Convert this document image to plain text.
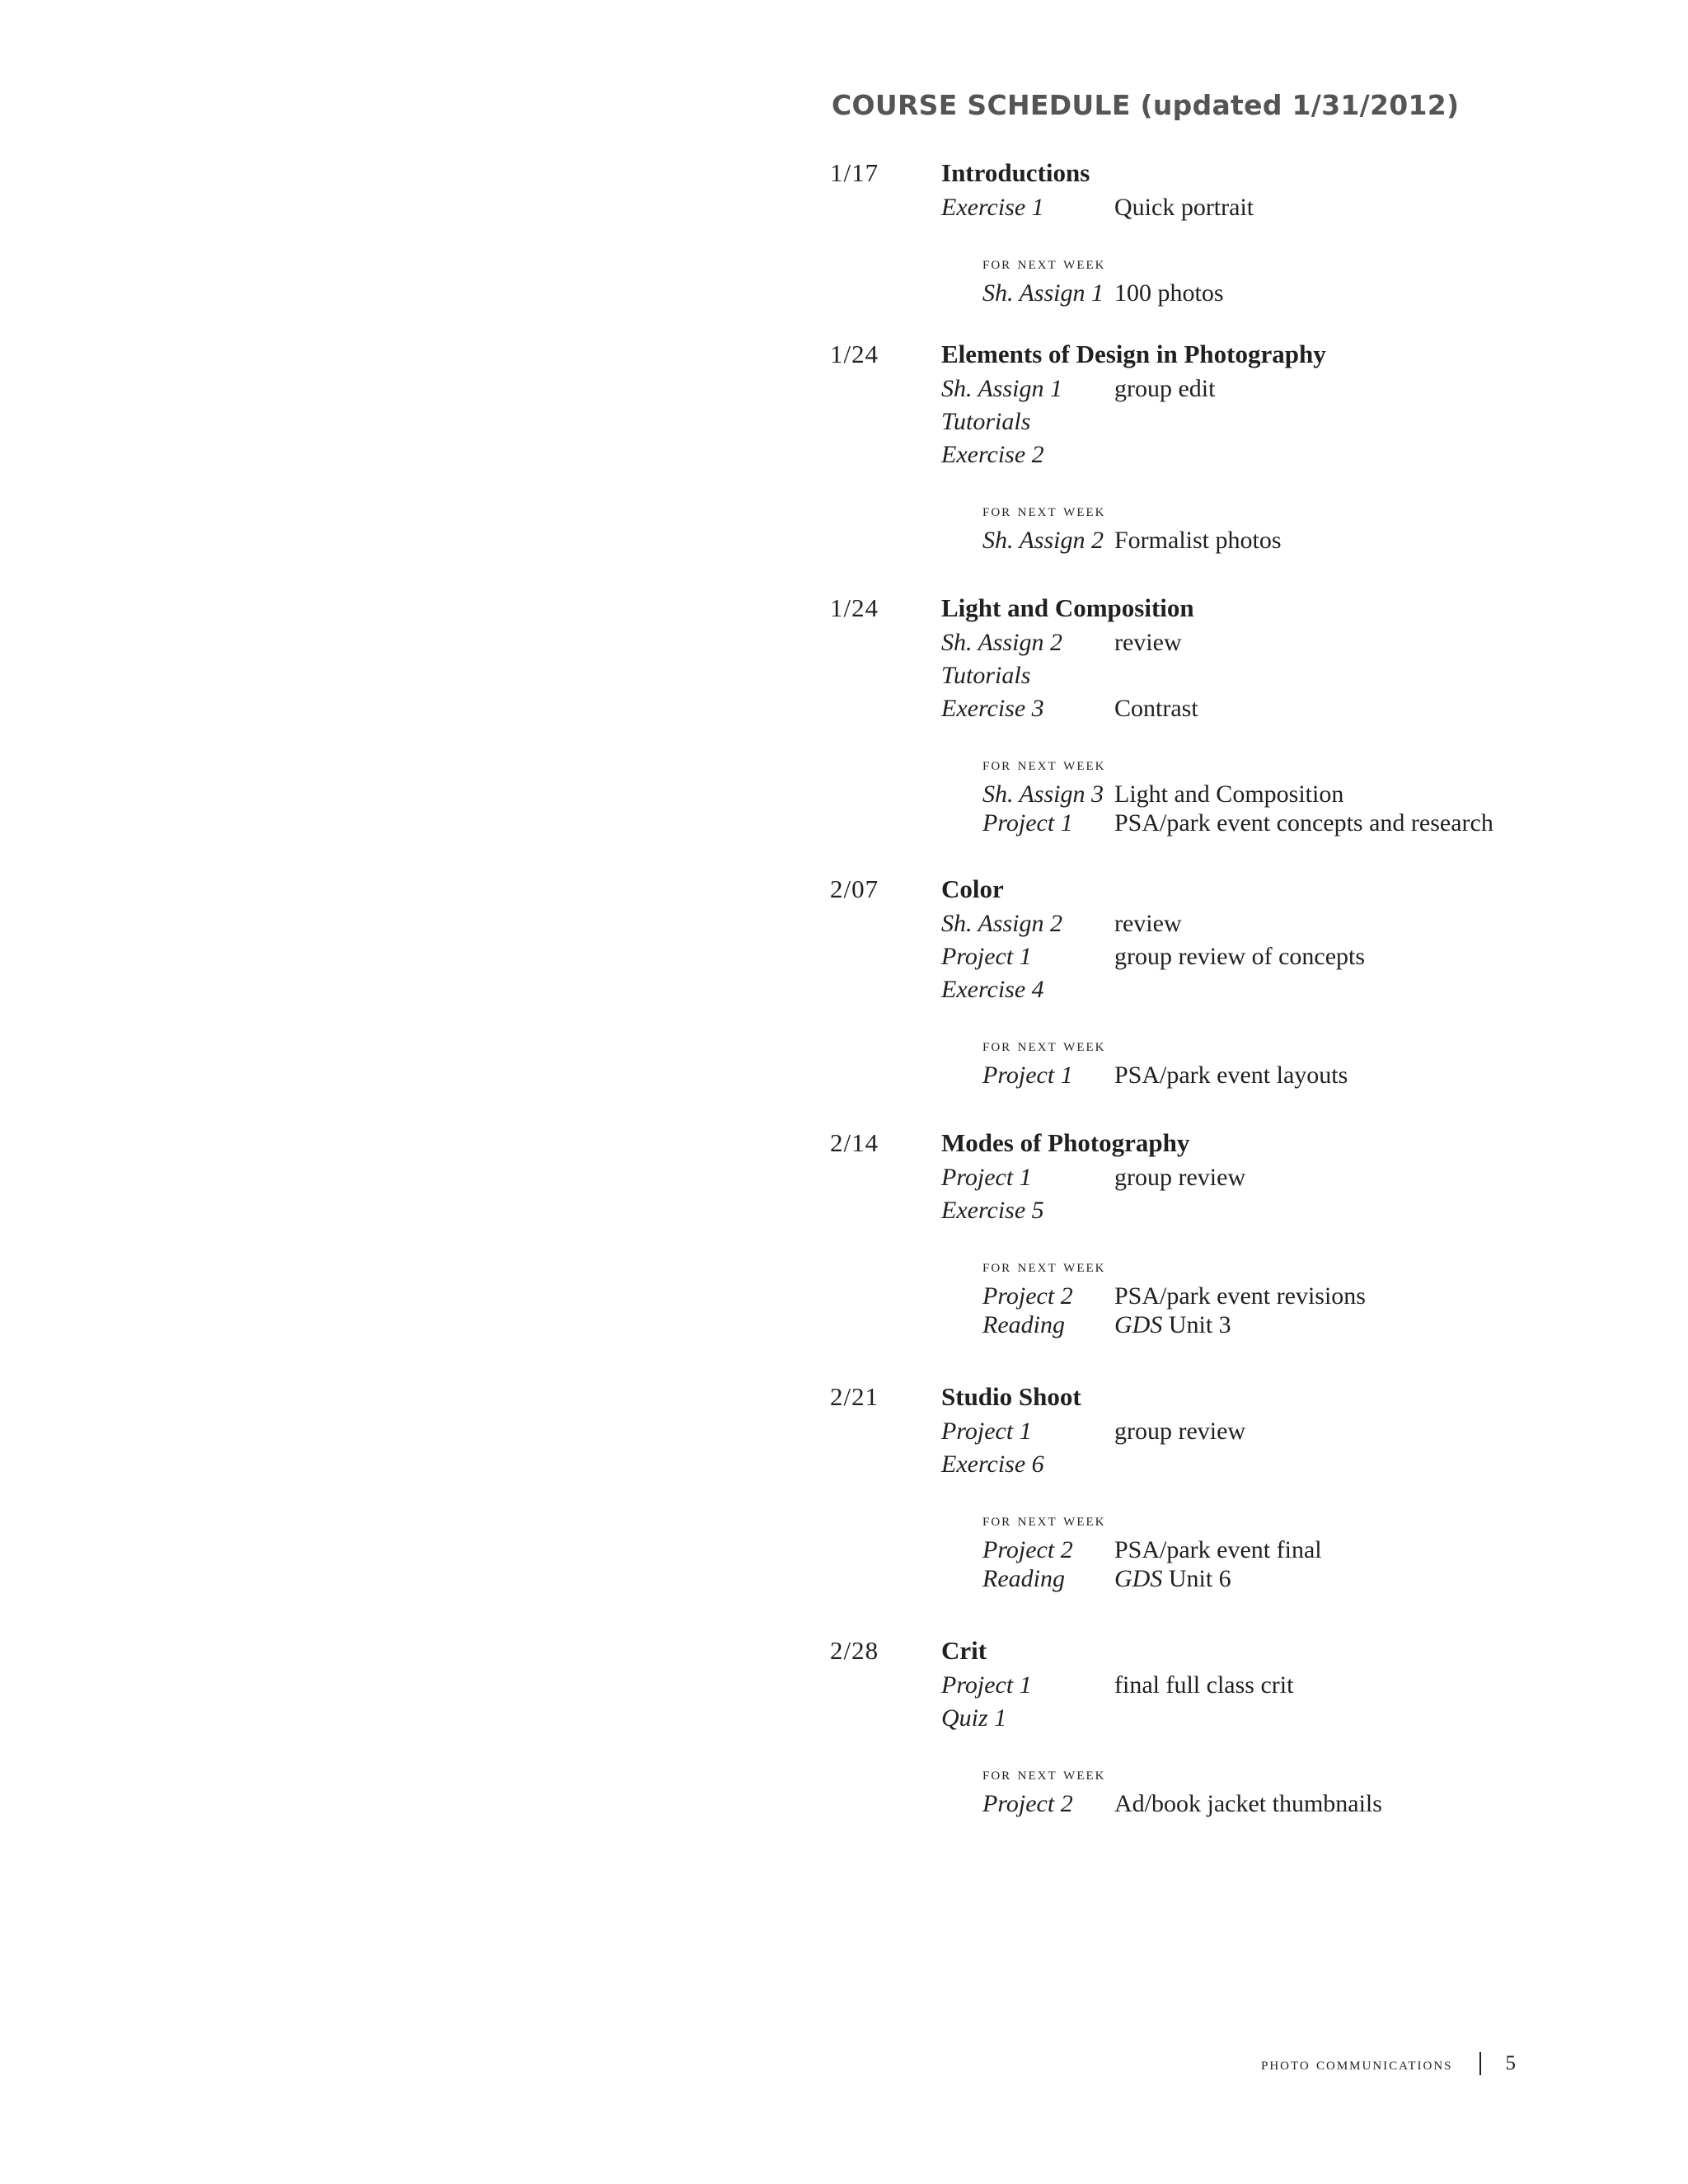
COURSE SCHEDULE (updated 1/31/2012)
1/17 Introductions
Exercise 1	Quick portrait
for next week
Sh. Assign 1 100 photos
1/24 Elements of Design in Photography
Sh. Assign 1 group edit
Tutorials
Exercise 2
for next week
Sh. Assign 2 Formalist photos
1/24 Light and Composition
Sh. Assign 2 review
Tutorials
Exercise 3	Contrast
for next week
Sh. Assign 3 Light and Composition
Project 1 PSA/park event concepts and research
2/07 Color
Sh. Assign 2 review
Project 1	group review of concepts
Exercise 4
for next week
Project 1 PSA/park event layouts
2/14 Modes of Photography
Project 1	group review
Exercise 5
for next week
Project 2 PSA/park event revisions
Reading GDS Unit 3
2/21 Studio Shoot
Project 1	group review
Exercise 6
for next week
Project 2 PSA/park event final
Reading GDS Unit 6
2/28 Crit
Project 1	final full class crit
Quiz 1
for next week
Project 2 Ad/book jacket thumbnails
photo communications	5
